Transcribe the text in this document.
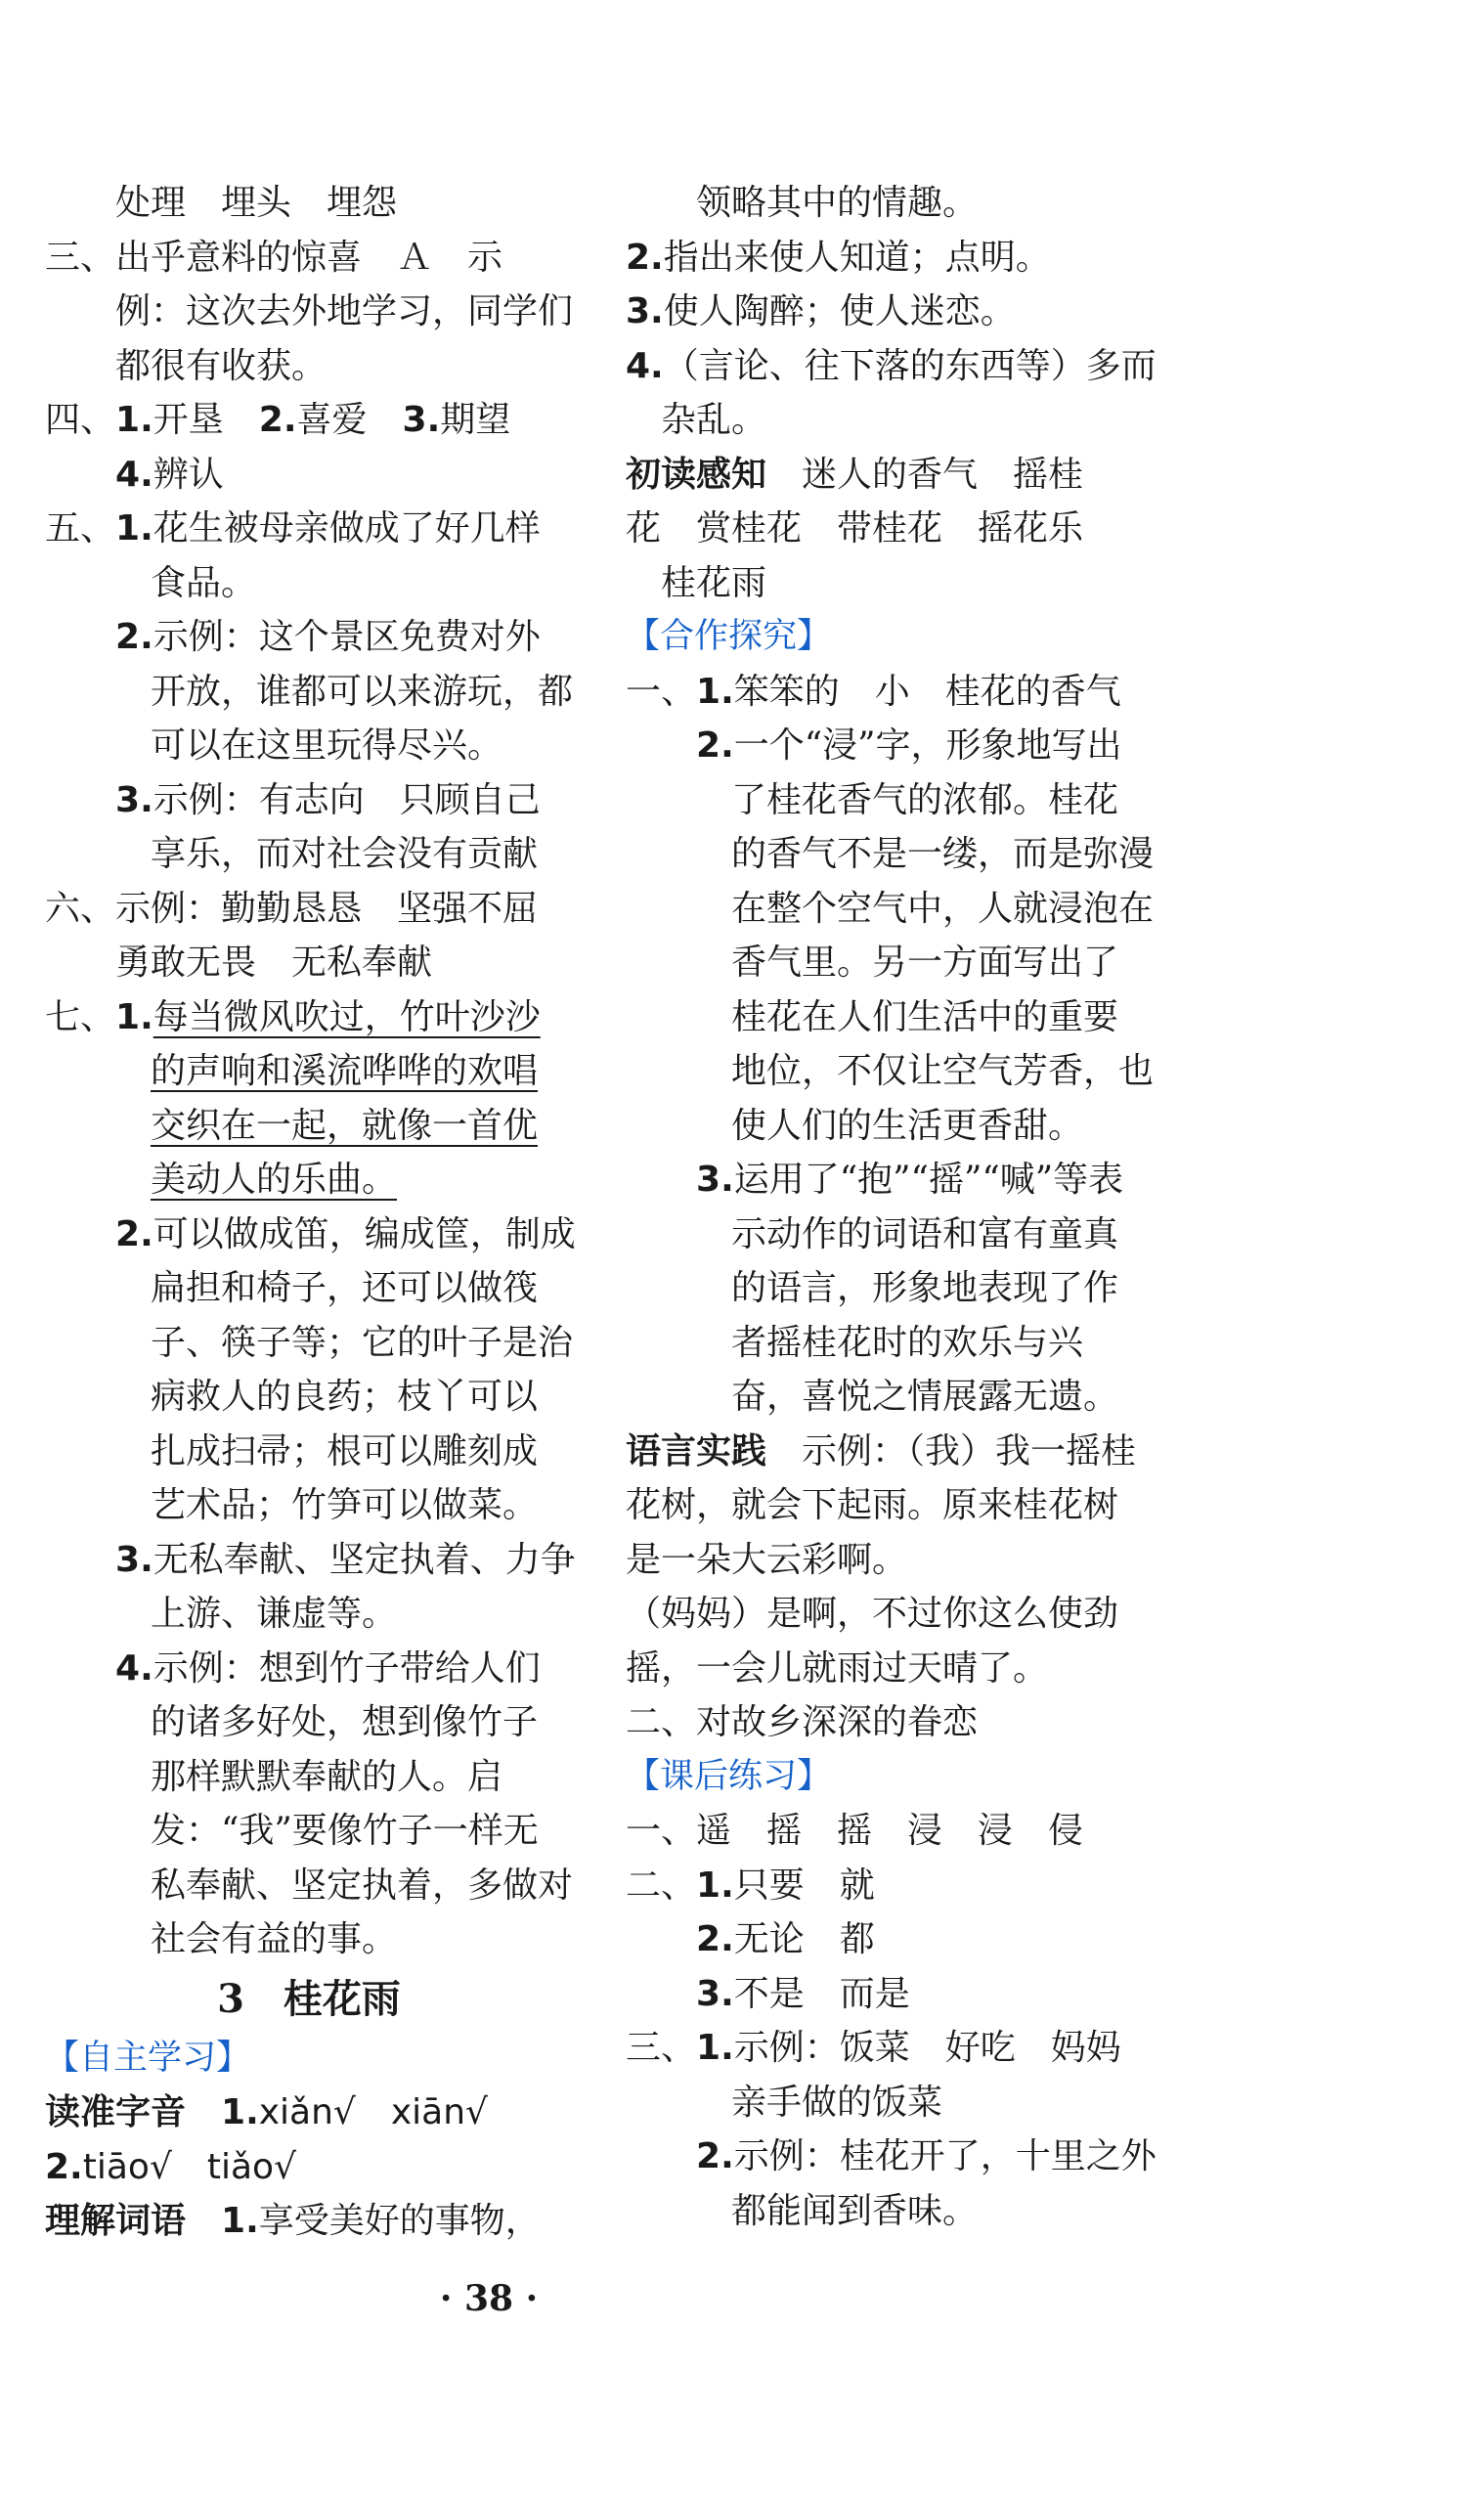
　　处理　埋头　埋怨
三、出乎意料的惊喜　Ａ　示
　　例：这次去外地学习，同学们
　　都很有收获。
四、1.开垦　2.喜爱　3.期望
　　4.辨认
五、1.花生被母亲做成了好几样
　　　食品。
　　2.示例：这个景区免费对外
　　　开放，谁都可以来游玩，都
　　　可以在这里玩得尽兴。
　　3.示例：有志向　只顾自己
　　　享乐，而对社会没有贡献
六、示例：勤勤恳恳　坚强不屈
　　勇敢无畏　无私奉献
七、1.每当微风吹过，竹叶沙沙
　　　的声响和溪流哗哗的欢唱
　　　交织在一起，就像一首优
　　　美动人的乐曲。
　　2.可以做成笛，编成筐，制成
　　　扁担和椅子，还可以做筏
　　　子、筷子等；它的叶子是治
　　　病救人的良药；枝丫可以
　　　扎成扫帚；根可以雕刻成
　　　艺术品；竹笋可以做菜。
　　3.无私奉献、坚定执着、力争
　　　上游、谦虚等。
　　4.示例：想到竹子带给人们
　　　的诸多好处，想到像竹子
　　　那样默默奉献的人。启
　　　发：“我”要像竹子一样无
　　　私奉献、坚定执着，多做对
　　　社会有益的事。
3　桂花雨
【自主学习】
读准字音　1.xiǎn√　xiān√
2.tiāo√　tiǎo√
理解词语　1.享受美好的事物，
　　领略其中的情趣。
2.指出来使人知道；点明。
3.使人陶醉；使人迷恋。
4.（言论、往下落的东西等）多而
　杂乱。
初读感知　迷人的香气　摇桂
花　赏桂花　带桂花　摇花乐
　桂花雨
【合作探究】
一、1.笨笨的　小　桂花的香气
　　2.一个“浸”字，形象地写出
　　　了桂花香气的浓郁。桂花
　　　的香气不是一缕，而是弥漫
　　　在整个空气中，人就浸泡在
　　　香气里。另一方面写出了
　　　桂花在人们生活中的重要
　　　地位，不仅让空气芳香，也
　　　使人们的生活更香甜。
　　3.运用了“抱”“摇”“喊”等表
　　　示动作的词语和富有童真
　　　的语言，形象地表现了作
　　　者摇桂花时的欢乐与兴
　　　奋，喜悦之情展露无遗。
语言实践　示例：（我）我一摇桂
花树，就会下起雨。原来桂花树
是一朵大云彩啊。
（妈妈）是啊，不过你这么使劲
摇，一会儿就雨过天晴了。
二、对故乡深深的眷恋
【课后练习】
一、遥　摇　摇　浸　浸　侵
二、1.只要　就
　　2.无论　都
　　3.不是　而是
三、1.示例：饭菜　好吃　妈妈
　　　亲手做的饭菜
　　2.示例：桂花开了，十里之外
　　　都能闻到香味。
· 38 ·
